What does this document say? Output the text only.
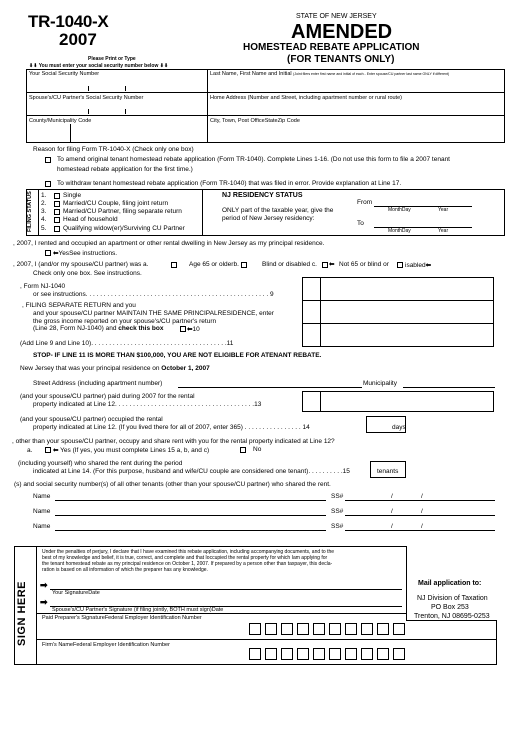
TR-1040-X
2007
Please Print or Type
⬇⬇ You must enter your social security number below ⬇⬇
STATE OF NEW JERSEY
AMENDED
HOMESTEAD REBATE APPLICATION
(FOR TENANTS ONLY)
Your Social Security Number	Last Name, First Name and Initial (Joint filers enter first name and initial of each - Enter spouse/CU partner last name ONLY if different)
Spouse's/CU Partner's Social Security Number	Home Address (Number and Street, including apartment number or rural route)
County/Municipality Code	City, Town, Post OfficeStateZip Code
Reason for filing Form TR-1040-X (Check only one box)
To amend original tenant homestead rebate application (Form TR-1040). Complete Lines 1-16. (Do not use this form to file a 2007 tenant
homestead rebate application for the first time.)
To withdraw tenant homestead rebate application (Form TR-1040) that was filed in error. Provide explanation at Line 17.
FILING STATUS 1.	Single
2.	Married/CU Couple, filing joint return
3.	Married/CU Partner, filing separate return
4.	Head of household
5.	Qualifying widow(er)/Surviving CU Partner
NJ RESIDENCY STATUS
ONLY part of the taxable year, give the
period of New Jersey residency:
From
MonthDay	Year
To
MonthDay	Year
, 2007, I rented and occupied an apartment or other rental dwelling in New Jersey as my principal residence.
⬅YesSee instructions.
, 2007, I (and/or my spouse/CU partner) was a.	Age 65 or olderb.	Blind or disabled c. ⬅ Not 65 or blind or isabled⬅
Check only one box. See instructions.
, Form NJ-1040
or see instructions. . . . . . . . . . . . . . . . . . . . . . . . . . . . . . . . . . . . . . . . . . . . . . . . . . . 9
, FILING SEPARATE RETURN and you
and your spouse/CU partner MAINTAIN THE SAME PRINCIPALRESIDENCE, enter
the gross income reported on your spouse's/CU partner's return
(Line 28, Form NJ-1040) and check this box	⬅10
(Add Line 9 and Line 10). . . . . . . . . . . . . . . . . . . . . . . . . . . . . . . . . . . . . .11
STOP- IF LINE 11 IS MORE THAN $100,000, YOU ARE NOT ELIGIBLE FOR ATENANT REBATE.
New Jersey that was your principal residence on October 1, 2007
Street Address (including apartment number)	Municipality
(and your spouse/CU partner) paid during 2007 for the rental
property indicated at Line 12. . . . . . . . . . . . . . . . . . . . . . . . . . . . . . . . . . . . . . .13
(and your spouse/CU partner) occupied the rental
property indicated at Line 12. (If you lived there for all of 2007, enter 365) . . . . . . . . . . . . . . . . 14	days
, other than your spouse/CU partner, occupy and share rent with you for the rental property indicated at Line 12?
a.	⬅ Yes (If yes, you must complete Lines 15 a, b, and c)	No
(including yourself) who shared the rent during the period
indicated at Line 14. (For this purpose, husband and wife/CU couple are considered one tenant). . . . . . . . . .15	tenants
(s) and social security number(s) of all other tenants (other than your spouse/CU partner) who shared the rent.
Name	SS#	/	/
Name	SS#	/	/
Name	SS#	/	/
SIGN HERE
Under the penalties of perjury, I declare that I have examined this rebate application, including accompanying documents, and to the
best of my knowledge and belief, it is true, correct, and complete and that Ioccupied the rental property for which Iam applying for
the tenant homestead rebate as my principal residence on October 1, 2007. If prepared by a person other than taxpayer, this decla-
ration is based on all information of which the preparer has any knowledge.
➡
Your SignatureDate
➡
Spouse's/CU Partner's Signature (if filing jointly, BOTH must sign)Date
Paid Preparer's SignatureFederal Employer Identification Number
Firm's NameFederal Employer Identification Number
Mail application to:
NJ Division of Taxation
PO Box 253
Trenton, NJ 08695-0253
